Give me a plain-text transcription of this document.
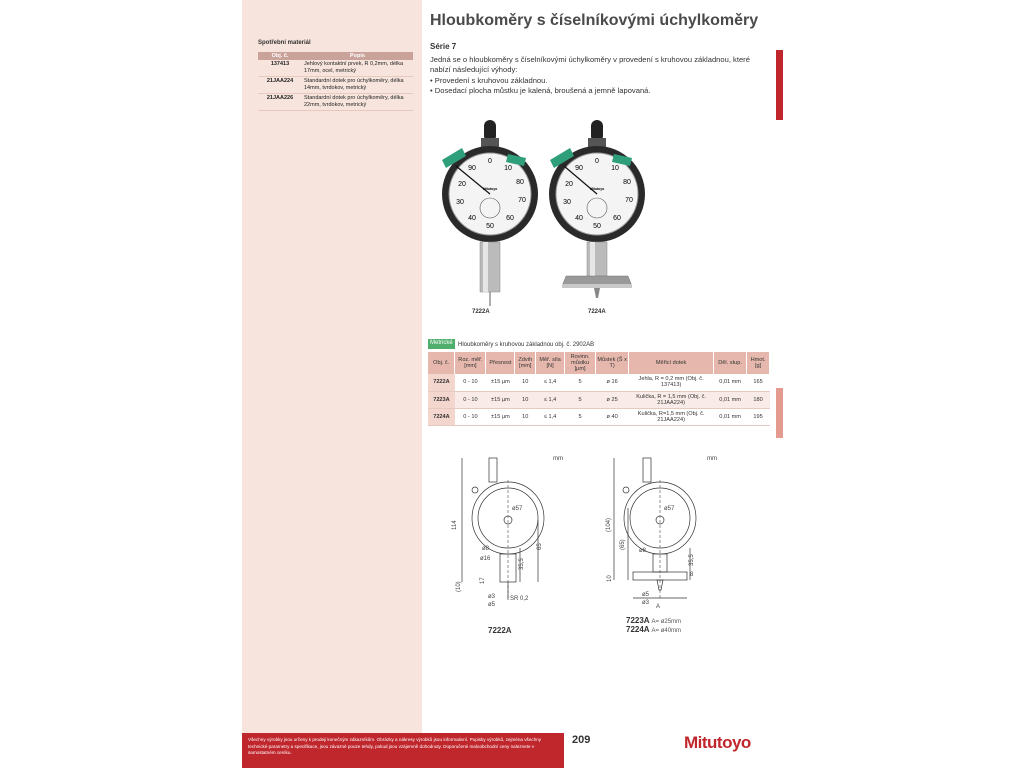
Spotřební materiál
Obj. č.	Popis
137413	Jehlový kontaktní prvek, R 0,2mm, délka 17mm, ocel, metrický
21JAA224	Standardní dotek pro úchylkoměry, délka 14mm, tvrdokov, metrický
21JAA226	Standardní dotek pro úchylkoměry, délka 22mm, tvrdokov, metrický
Hloubkoměry s číselníkovými úchylkoměry
Série 7

Jedná se o hloubkoměry s číselníkovými úchylkoměry v provedení s kruhovou základnou, které nabízí následující výhody:

• Provedení s kruhovou základnou.
• Dosedací plocha můstku je kalená, broušená a jemně lapovaná.
0
10
90
80
20
70
30
40	60
50
Mitutoyo
7222A
0
10
90
80
20
70
30
40	60
50
Mitutoyo
7224A
Metrické Hloubkoměry s kruhovou základnou obj. č. 2902AB
Obj. č.	Roz. měř. [mm]	Přesnost	Zdvih [mm]	Měř. síla [N]	Rovinn. můstku [µm]	Můstek (Š x T)	Měřicí dotek	Děl. stup.	Hmot. [g]
7222A	0 - 10	±15 µm	10	≤ 1,4	5	ø 16	Jehla, R = 0,2 mm (Obj. č. 137413)	0,01 mm	165
7223A	0 - 10	±15 µm	10	≤ 1,4	5	ø 25	Kulička, R = 1,5 mm (Obj. č. 21JAA224)	0,01 mm	180
7224A	0 - 10	±15 µm	10	≤ 1,4	5	ø 40	Kulička, R=1,5 mm (Obj. č. 21JAA224)	0,01 mm	195
mm
114
ø57
ø8
ø16
65
35,5
17
(10)
ø3
ø5
SR 0,2
mm
(104)
(65)
ø57
ø8
35,5
8
10
ø5
ø3
A
7222A
7223A A= ø25mm
7224A A= ø40mm
Všechny výrobky jsou určeny k prodeji konečným zákazníkům. Obrázky a nákresy výrobků jsou informativní. Popisky výrobků, zejména všechny technické parametry a specifikace, jsou závazné pouze tehdy, pokud jsou vzájemně dohodnuty. Doporučené maloobchodní ceny naleznete v samostatném ceníku.
209	Mitutoyo
